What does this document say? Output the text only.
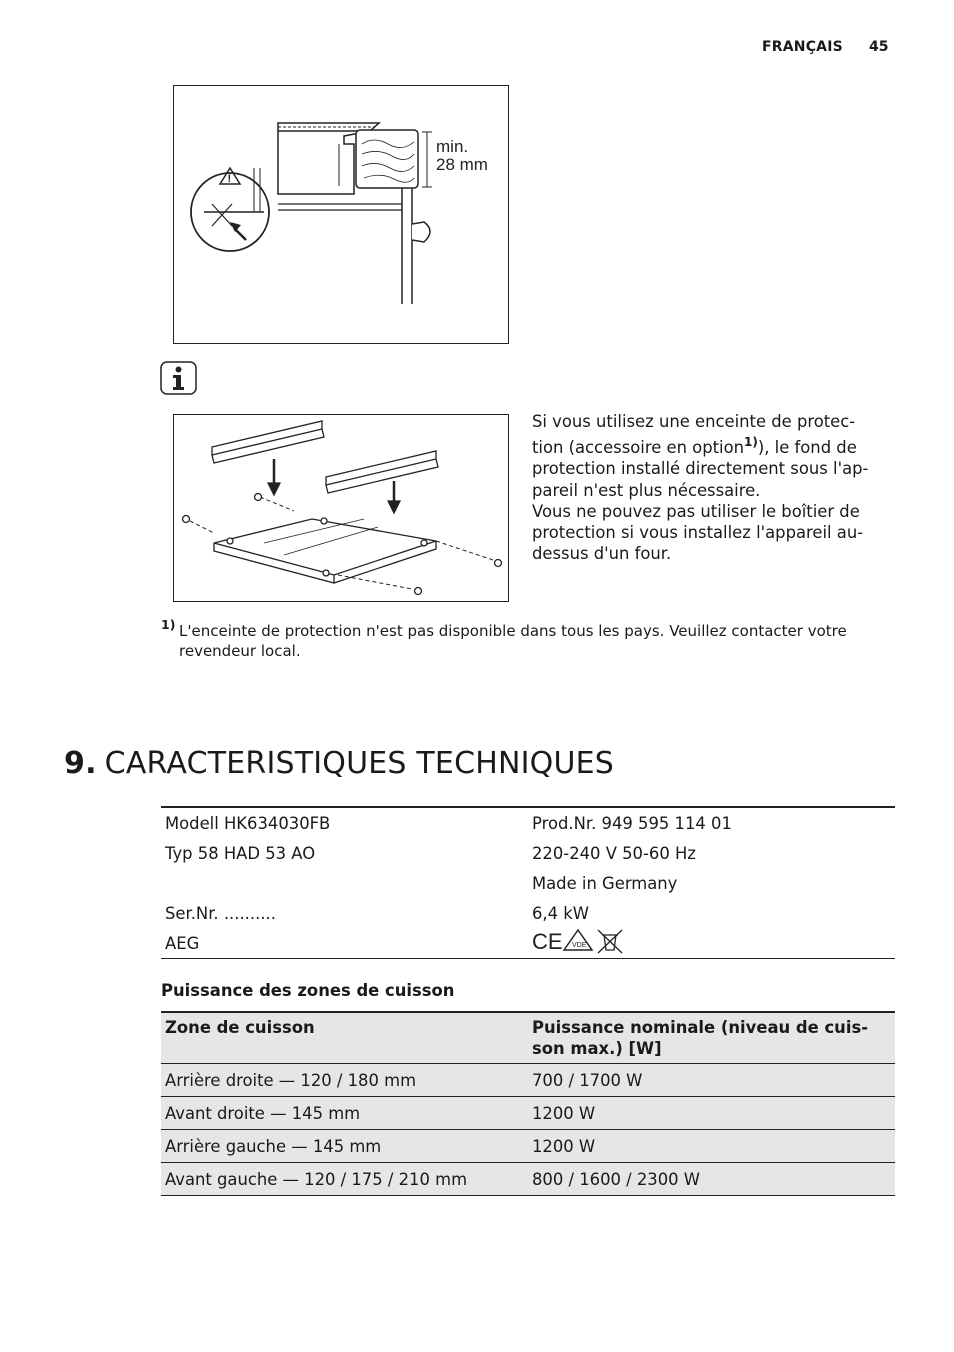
FRANÇAIS 45
min.
28 mm
!

Si vous utilisez une enceinte de protec-
tion (accessoire en option$^{1)}$), le fond de protection installé directement sous l'ap-pareil n'est plus nécessaire.

Vous ne pouvez pas utiliser le boîtier de protection si vous installez l'appareil au-dessus d'un four.

1) L'enceinte de protection n'est pas disponible dans tous les pays. Veuillez contacter votre revendeur local.
9. CARACTERISTIQUES TECHNIQUES
Modell HK634030FB	Prod.Nr. 949 595 114 01
Typ 58 HAD 53 AO	220-240 V 50-60 Hz
	Made in Germany
Ser.Nr. ..........	6,4 kW
AEG	CE VDE
Puissance des zones de cuisson
Zone de cuisson	Puissance nominale (niveau de cuis-son max.) [W]
Arrière droite — 120 / 180 mm	700 / 1700 W
Avant droite — 145 mm	1200 W
Arrière gauche — 145 mm	1200 W
Avant gauche — 120 / 175 / 210 mm	800 / 1600 / 2300 W
